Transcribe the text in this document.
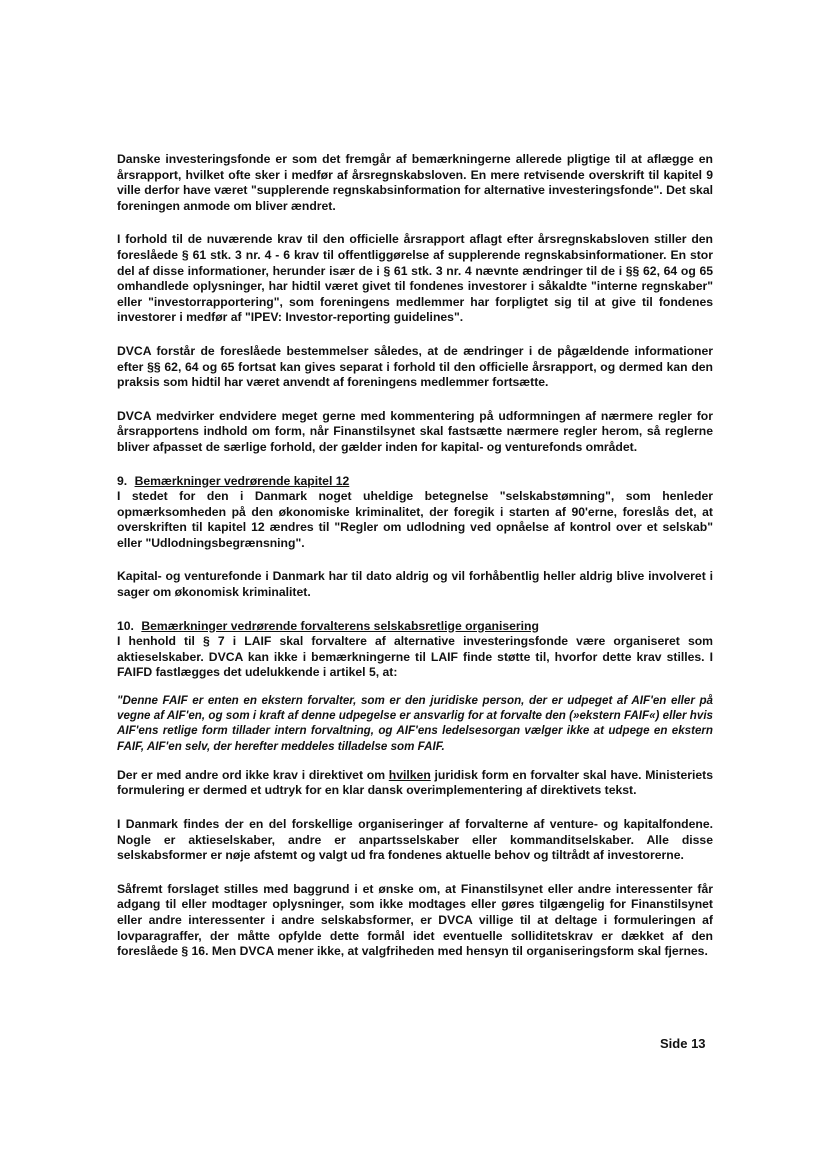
Danske investeringsfonde er som det fremgår af bemærkningerne allerede pligtige til at aflægge en årsrapport, hvilket ofte sker i medfør af årsregnskabsloven. En mere retvisende overskrift til kapitel 9 ville derfor have været "supplerende regnskabsinformation for alternative investeringsfonde". Det skal foreningen anmode om bliver ændret.

I forhold til de nuværende krav til den officielle årsrapport aflagt efter årsregnskabsloven stiller den foreslåede § 61 stk. 3 nr. 4 - 6 krav til offentliggørelse af supplerende regnskabsinformationer. En stor del af disse informationer, herunder især de i § 61 stk. 3 nr. 4 nævnte ændringer til de i §§ 62, 64 og 65 omhandlede oplysninger, har hidtil været givet til fondenes investorer i såkaldte "interne regnskaber" eller "investorrapportering", som foreningens medlemmer har forpligtet sig til at give til fondenes investorer i medfør af "IPEV: Investor-reporting guidelines".

DVCA forstår de foreslåede bestemmelser således, at de ændringer i de pågældende informationer efter §§ 62, 64 og 65 fortsat kan gives separat i forhold til den officielle årsrapport, og dermed kan den praksis som hidtil har været anvendt af foreningens medlemmer fortsætte.

DVCA medvirker endvidere meget gerne med kommentering på udformningen af nærmere regler for årsrapportens indhold om form, når Finanstilsynet skal fastsætte nærmere regler herom, så reglerne bliver afpasset de særlige forhold, der gælder inden for kapital- og venturefonds området.

9. Bemærkninger vedrørende kapitel 12

I stedet for den i Danmark noget uheldige betegnelse "selskabstømning", som henleder opmærksomheden på den økonomiske kriminalitet, der foregik i starten af 90'erne, foreslås det, at overskriften til kapitel 12 ændres til "Regler om udlodning ved opnåelse af kontrol over et selskab" eller "Udlodningsbegrænsning".

Kapital- og venturefonde i Danmark har til dato aldrig og vil forhåbentlig heller aldrig blive involveret i sager om økonomisk kriminalitet.

10. Bemærkninger vedrørende forvalterens selskabsretlige organisering

I henhold til § 7 i LAIF skal forvaltere af alternative investeringsfonde være organiseret som aktieselskaber. DVCA kan ikke i bemærkningerne til LAIF finde støtte til, hvorfor dette krav stilles. I FAIFD fastlægges det udelukkende i artikel 5, at:

"Denne FAIF er enten en ekstern forvalter, som er den juridiske person, der er udpeget af AIF'en eller på vegne af AIF'en, og som i kraft af denne udpegelse er ansvarlig for at forvalte den (»ekstern FAIF«) eller hvis AIF'ens retlige form tillader intern forvaltning, og AIF'ens ledelsesorgan vælger ikke at udpege en ekstern FAIF, AIF'en selv, der herefter meddeles tilladelse som FAIF.

Der er med andre ord ikke krav i direktivet om hvilken juridisk form en forvalter skal have. Ministeriets formulering er dermed et udtryk for en klar dansk overimplementering af direktivets tekst.

I Danmark findes der en del forskellige organiseringer af forvalterne af venture- og kapitalfondene. Nogle er aktieselskaber, andre er anpartsselskaber eller kommanditselskaber. Alle disse selskabsformer er nøje afstemt og valgt ud fra fondenes aktuelle behov og tiltrådt af investorerne.

Såfremt forslaget stilles med baggrund i et ønske om, at Finanstilsynet eller andre interessenter får adgang til eller modtager oplysninger, som ikke modtages eller gøres tilgængelig for Finanstilsynet eller andre interessenter i andre selskabsformer, er DVCA villige til at deltage i formuleringen af lovparagraffer, der måtte opfylde dette formål idet eventuelle solliditetskrav er dækket af den foreslåede § 16. Men DVCA mener ikke, at valgfriheden med hensyn til organiseringsform skal fjernes.

Side 13
